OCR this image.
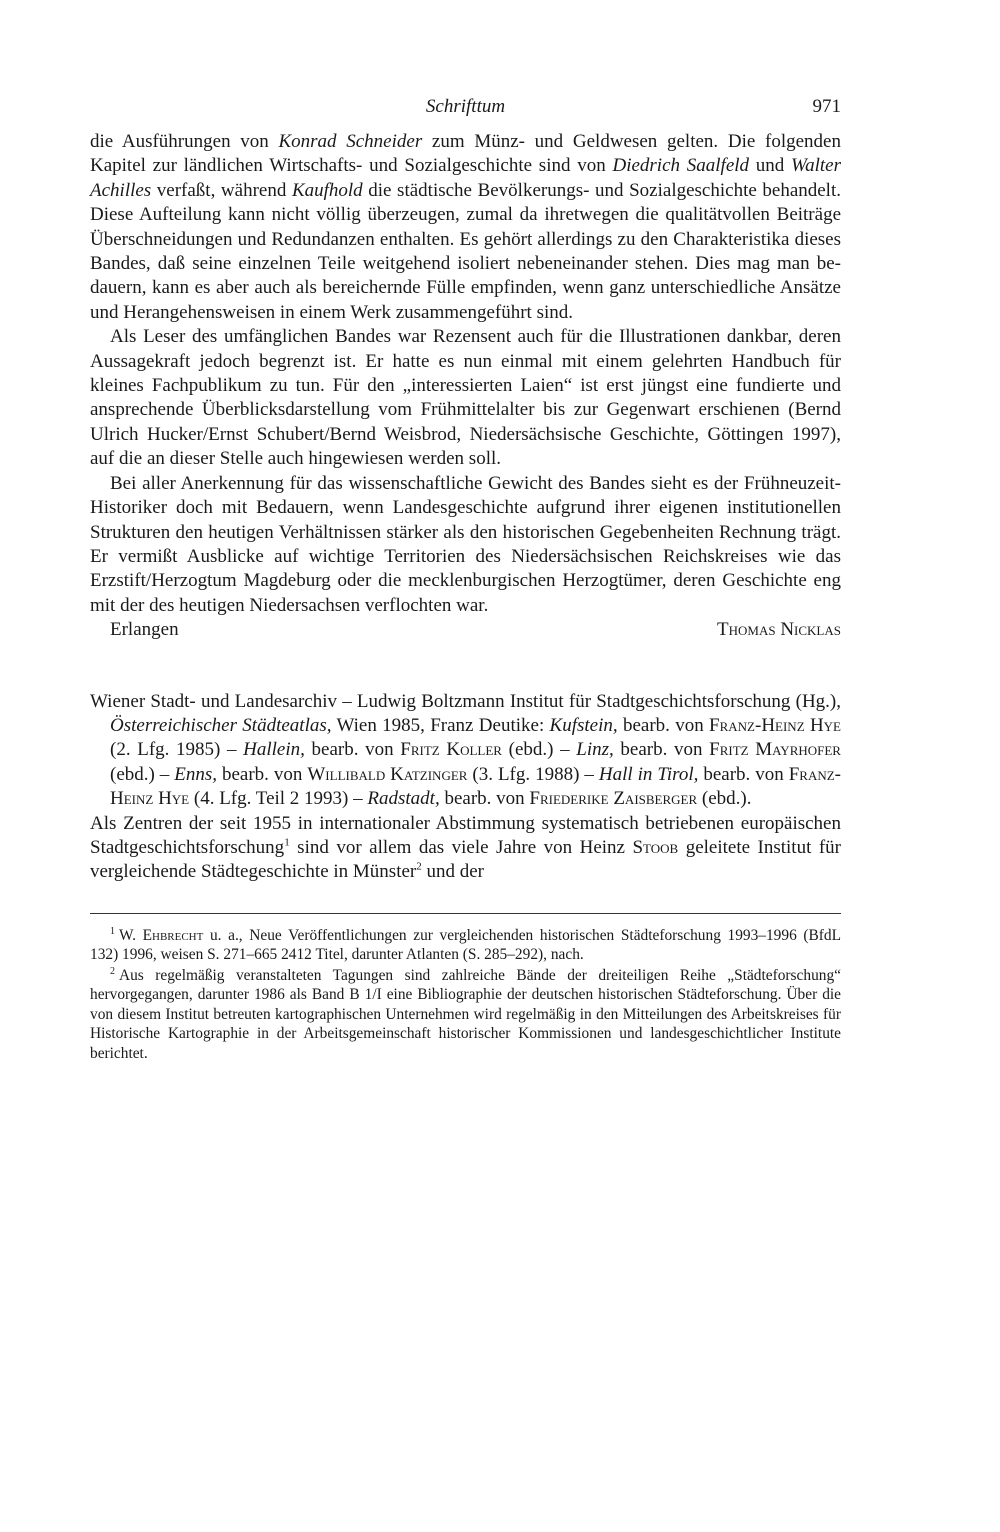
Schrifttum	971

die Ausführungen von Konrad Schneider zum Münz- und Geldwesen gelten. Die folgenden Kapitel zur ländlichen Wirtschafts- und Sozialgeschichte sind von Diedrich Saalfeld und Walter Achilles verfaßt, während Kaufhold die städtische Bevölkerungs- und Sozialgeschichte behandelt. Diese Aufteilung kann nicht völlig überzeugen, zumal da ihretwegen die qualitätvollen Beiträge Überschneidungen und Redundanzen enthalten. Es gehört allerdings zu den Charakteristika dieses Bandes, daß seine einzelnen Teile weitgehend isoliert nebeneinander stehen. Dies mag man bedauern, kann es aber auch als bereichernde Fülle empfinden, wenn ganz unterschiedliche Ansätze und Herangehensweisen in einem Werk zusammengeführt sind.

Als Leser des umfänglichen Bandes war Rezensent auch für die Illustrationen dankbar, deren Aussagekraft jedoch begrenzt ist. Er hatte es nun einmal mit einem gelehrten Handbuch für kleines Fachpublikum zu tun. Für den „interessierten Laien“ ist erst jüngst eine fundierte und ansprechende Überblicksdarstellung vom Frühmittelalter bis zur Gegenwart erschienen (Bernd Ulrich Hucker/Ernst Schubert/Bernd Weisbrod, Niedersächsische Geschichte, Göttingen 1997), auf die an dieser Stelle auch hingewiesen werden soll.

Bei aller Anerkennung für das wissenschaftliche Gewicht des Bandes sieht es der Frühneuzeit-Historiker doch mit Bedauern, wenn Landesgeschichte aufgrund ihrer eigenen institutionellen Strukturen den heutigen Verhältnissen stärker als den historischen Gegebenheiten Rechnung trägt. Er vermißt Ausblicke auf wichtige Territorien des Niedersächsischen Reichskreises wie das Erzstift/Herzogtum Magdeburg oder die mecklenburgischen Herzogtümer, deren Geschichte eng mit der des heutigen Niedersachsen verflochten war.

Erlangen	Thomas Nicklas
Wiener Stadt- und Landesarchiv – Ludwig Boltzmann Institut für Stadtgeschichtsforschung (Hg.), Österreichischer Städteatlas, Wien 1985, Franz Deutike: Kufstein, bearb. von Franz-Heinz Hye (2. Lfg. 1985) – Hallein, bearb. von Fritz Koller (ebd.) – Linz, bearb. von Fritz Mayrhofer (ebd.) – Enns, bearb. von Willibald Katzinger (3. Lfg. 1988) – Hall in Tirol, bearb. von Franz-Heinz Hye (4. Lfg. Teil 2 1993) – Radstadt, bearb. von Friederike Zaisberger (ebd.).
Als Zentren der seit 1955 in internationaler Abstimmung systematisch betriebenen europäischen Stadtgeschichtsforschung$^1$ sind vor allem das viele Jahre von Heinz Stoob geleitete Institut für vergleichende Städtegeschichte in Münster$^2$ und der

$^1$ W. Ehbrecht u. a., Neue Veröffentlichungen zur vergleichenden historischen Städteforschung 1993–1996 (BfdL 132) 1996, weisen S. 271–665 2412 Titel, darunter Atlanten (S. 285–292), nach.

$^2$ Aus regelmäßig veranstalteten Tagungen sind zahlreiche Bände der dreiteiligen Reihe „Städteforschung“ hervorgegangen, darunter 1986 als Band B 1/I eine Bibliographie der deutschen historischen Städteforschung. Über die von diesem Institut betreuten kartographischen Unternehmen wird regelmäßig in den Mitteilungen des Arbeitskreises für Historische Kartographie in der Arbeitsgemeinschaft historischer Kommissionen und landesgeschichtlicher Institute berichtet.
